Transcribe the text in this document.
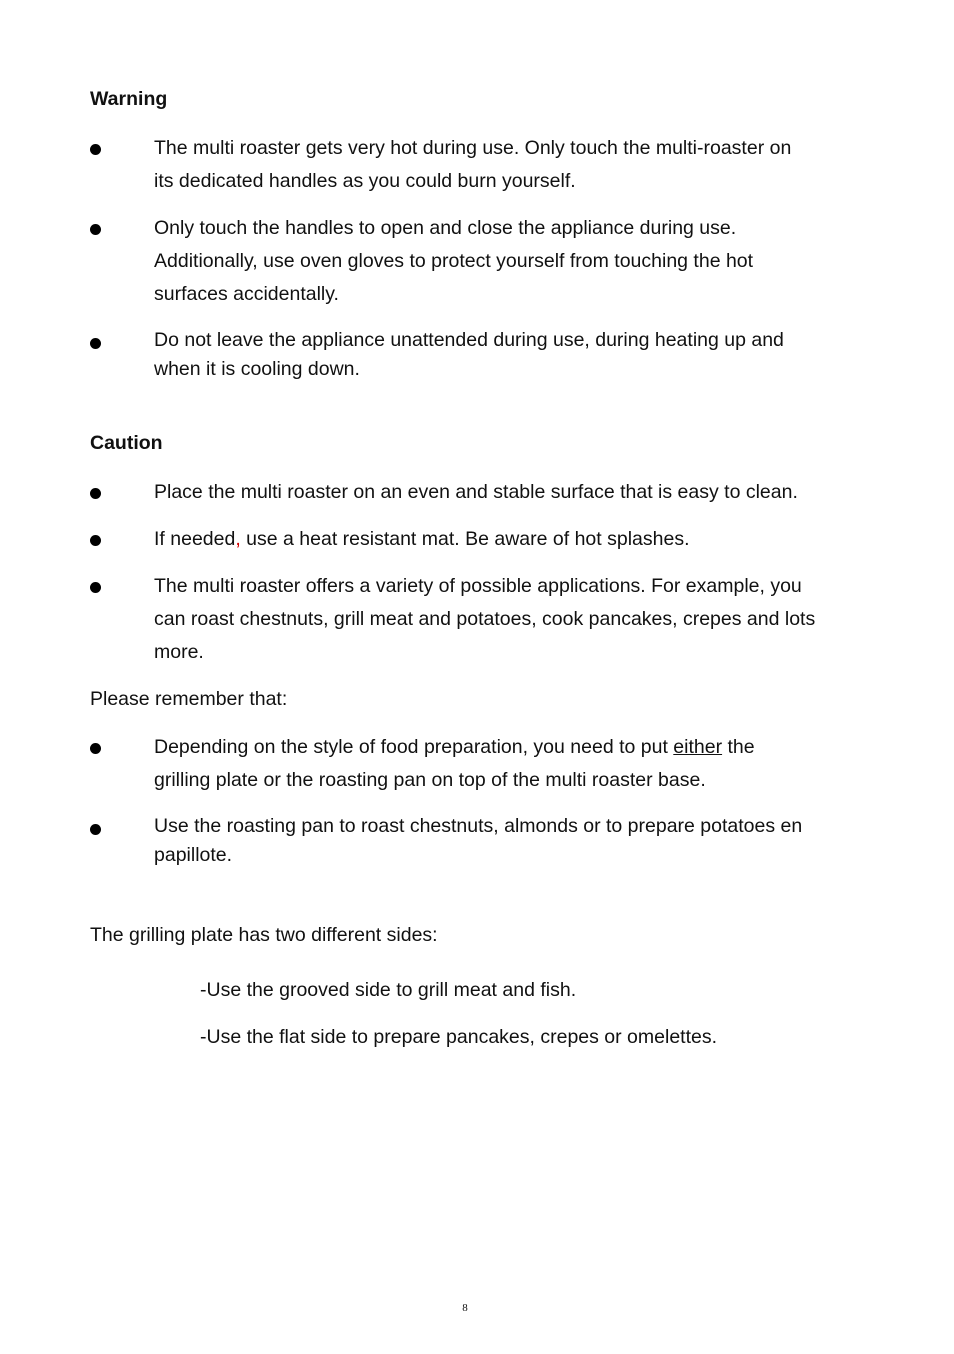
Warning
The multi roaster gets very hot during use. Only touch the multi-roaster on
its dedicated handles as you could burn yourself.
Only touch the handles to open and close the appliance during use.
Additionally, use oven gloves to protect yourself from touching the hot
surfaces accidentally.
Do not leave the appliance unattended during use, during heating up and
when it is cooling down.
Caution
Place the multi roaster on an even and stable surface that is easy to clean.
If needed, use a heat resistant mat. Be aware of hot splashes.
The multi roaster offers a variety of possible applications. For example, you
can roast chestnuts, grill meat and potatoes, cook pancakes, crepes and lots
more.
Please remember that:
Depending on the style of food preparation, you need to put either the
grilling plate or the roasting pan on top of the multi roaster base.
Use the roasting pan to roast chestnuts, almonds or to prepare potatoes en
papillote.
The grilling plate has two different sides:
-Use the grooved side to grill meat and fish.
-Use the flat side to prepare pancakes, crepes or omelettes.
8
